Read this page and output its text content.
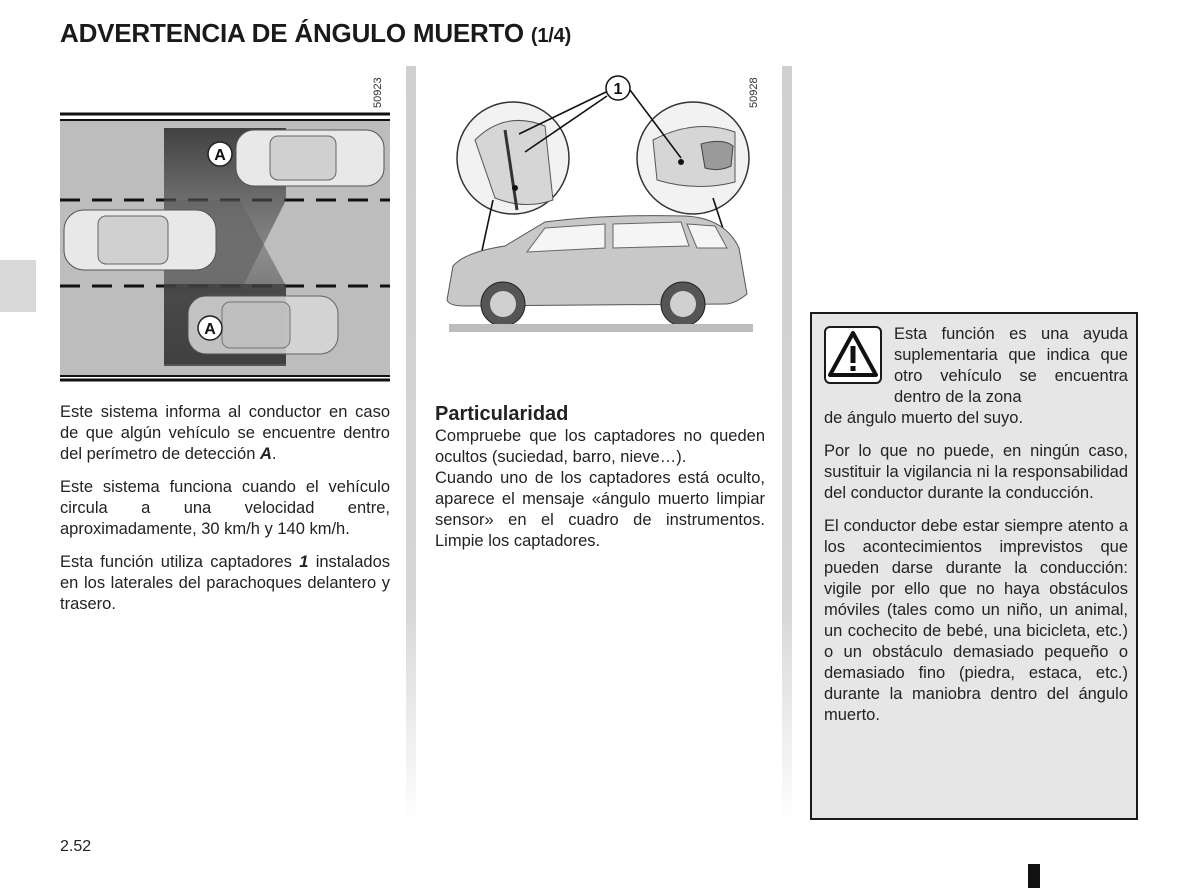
ADVERTENCIA DE ÁNGULO MUERTO (1/4)
A
A
50923	1	50928

Este sistema informa al conductor en caso de que algún vehículo se encuentre dentro del perímetro de detección A.

Este sistema funciona cuando el vehículo circula a una velocidad entre, aproximadamente, 30 km/h y 140 km/h.

Esta función utiliza captadores 1 instalados en los laterales del parachoques delantero y trasero.

Particularidad

Compruebe que los captadores no queden ocultos (suciedad, barro, nieve…).

Cuando uno de los captadores está oculto, aparece el mensaje «ángulo muerto limpiar sensor» en el cuadro de instrumentos. Limpie los captadores.

Esta función es una ayuda suplementaria que indica que otro vehículo se encuentra dentro de la zona

de ángulo muerto del suyo.

Por lo que no puede, en ningún caso, sustituir la vigilancia ni la responsabilidad del conductor durante la conducción.

El conductor debe estar siempre atento a los acontecimientos imprevistos que pueden darse durante la conducción: vigile por ello que no haya obstáculos móviles (tales como un niño, un animal, un cochecito de bebé, una bicicleta, etc.) o un obstáculo demasiado pequeño o demasiado fino (piedra, estaca, etc.) durante la maniobra dentro del ángulo muerto.

2.52
